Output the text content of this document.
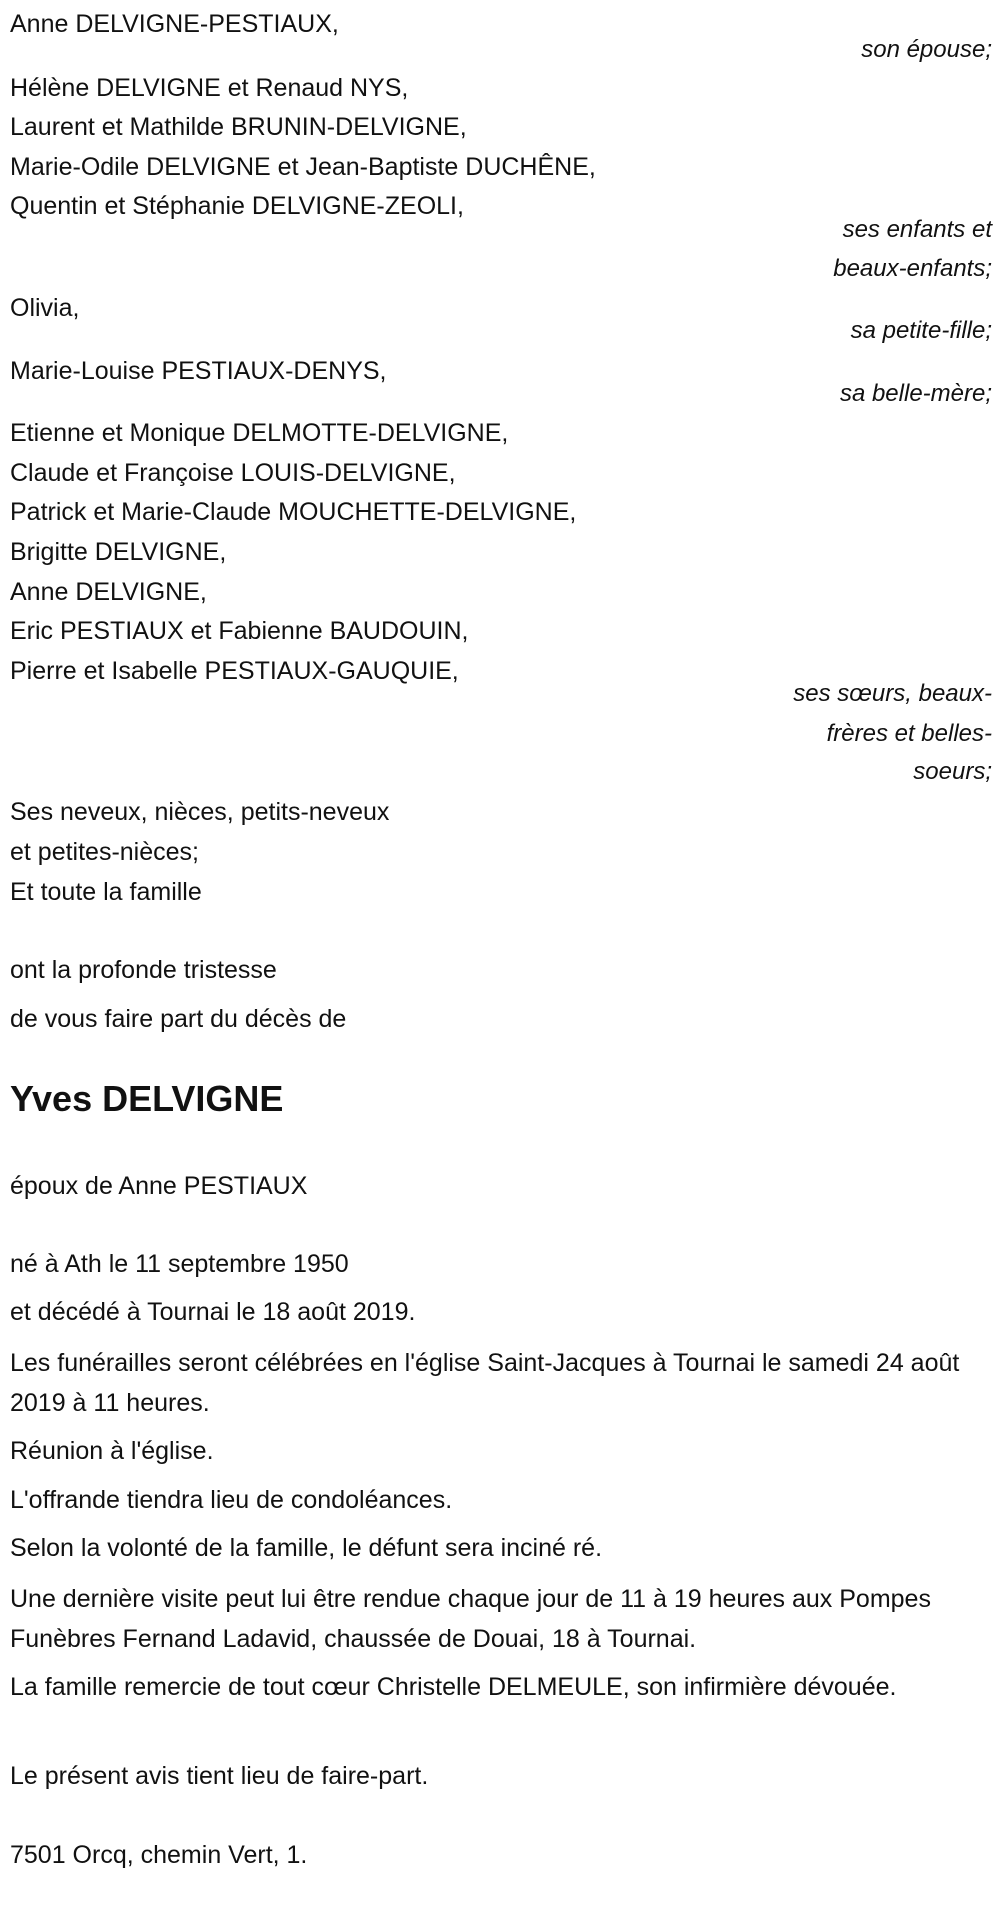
Anne DELVIGNE-PESTIAUX,
son épouse;
Hélène DELVIGNE et Renaud NYS,
Laurent et Mathilde BRUNIN-DELVIGNE,
Marie-Odile DELVIGNE et Jean-Baptiste DUCHÊNE,
Quentin et Stéphanie DELVIGNE-ZEOLI,
ses enfants et
beaux-enfants;
Olivia,
sa petite-fille;
Marie-Louise PESTIAUX-DENYS,
sa belle-mère;
Etienne et Monique DELMOTTE-DELVIGNE,
Claude et Françoise LOUIS-DELVIGNE,
Patrick et Marie-Claude MOUCHETTE-DELVIGNE,
Brigitte DELVIGNE,
Anne DELVIGNE,
Eric PESTIAUX et Fabienne BAUDOUIN,
Pierre et Isabelle PESTIAUX-GAUQUIE,
ses sœurs, beaux-
frères et belles-
soeurs;
Ses neveux, nièces, petits-neveux
et petites-nièces;
Et toute la famille
ont la profonde tristesse
de vous faire part du décès de
Yves DELVIGNE
époux de Anne PESTIAUX
né à Ath le 11 septembre 1950
et décédé à Tournai le 18 août 2019.
Les funérailles seront célébrées en l'église Saint-Jacques à Tournai le samedi 24 août 2019 à 11 heures.
Réunion à l'église.
L'offrande tiendra lieu de condoléances.
Selon la volonté de la famille, le défunt sera inciné ré.
Une dernière visite peut lui être rendue chaque jour de 11 à 19 heures aux Pompes Funèbres Fernand Ladavid, chaussée de Douai, 18 à Tournai.
La famille remercie de tout cœur Christelle DELMEULE, son infirmière dévouée.
Le présent avis tient lieu de faire-part.
7501 Orcq, chemin Vert, 1.
